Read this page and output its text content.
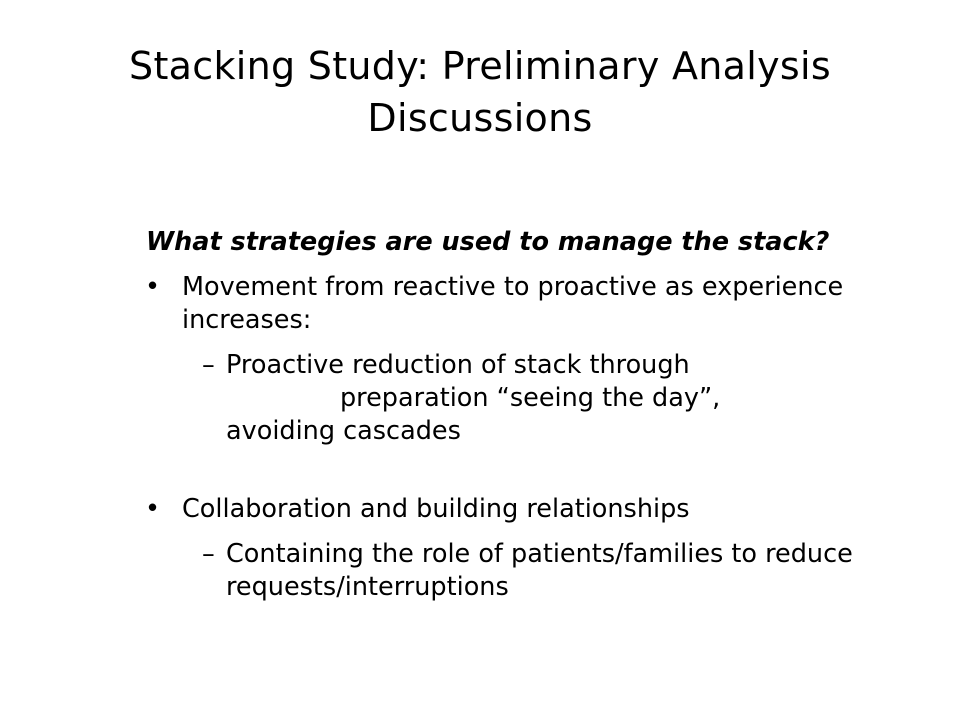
Stacking Study: Preliminary Analysis
Discussions
What strategies are used to manage the stack?
• Movement from reactive to proactive as experience increases:
– Proactive reduction of stack through
preparation “seeing the day”,
avoiding cascades
• Collaboration and building relationships
– Containing the role of patients/families to reduce requests/interruptions
